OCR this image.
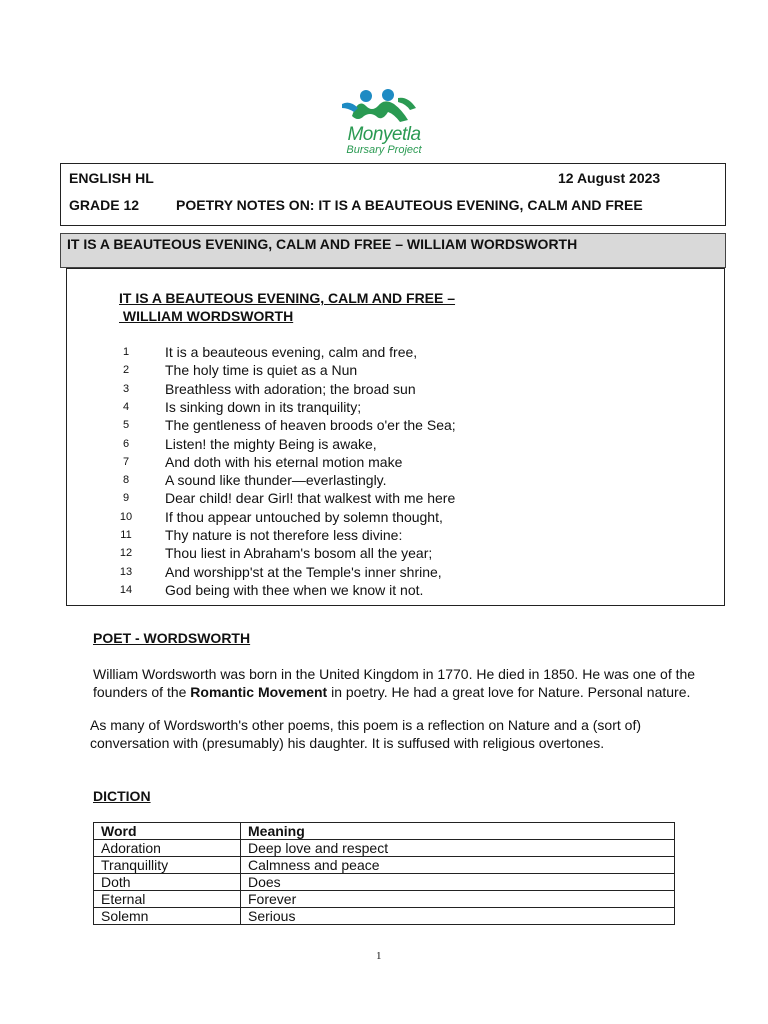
Monyetla
Bursary Project
ENGLISH HL	12 August 2023
GRADE 12	POETRY NOTES ON: IT IS A BEAUTEOUS EVENING, CALM AND FREE
IT IS A BEAUTEOUS EVENING, CALM AND FREE – WILLIAM WORDSWORTH
IT IS A BEAUTEOUS EVENING, CALM AND FREE –
WILLIAM WORDSWORTH
1	It is a beauteous evening, calm and free,
2	The holy time is quiet as a Nun
3	Breathless with adoration; the broad sun
4	Is sinking down in its tranquility;
5	The gentleness of heaven broods o'er the Sea;
6	Listen! the mighty Being is awake,
7	And doth with his eternal motion make
8	A sound like thunder—everlastingly.
9	Dear child! dear Girl! that walkest with me here
10 If thou appear untouched by solemn thought,
11 Thy nature is not therefore less divine:
12 Thou liest in Abraham's bosom all the year;
13 And worshipp'st at the Temple's inner shrine,
14 God being with thee when we know it not.
POET - WORDSWORTH
William Wordsworth was born in the United Kingdom in 1770. He died in 1850. He was one of the founders of the Romantic Movement in poetry. He had a great love for Nature. Personal nature.
As many of Wordsworth's other poems, this poem is a reflection on Nature and a (sort of) conversation with (presumably) his daughter. It is suffused with religious overtones.
DICTION
Word	Meaning
Adoration	Deep love and respect
Tranquillity	Calmness and peace
Doth	Does
Eternal	Forever
Solemn	Serious
1
